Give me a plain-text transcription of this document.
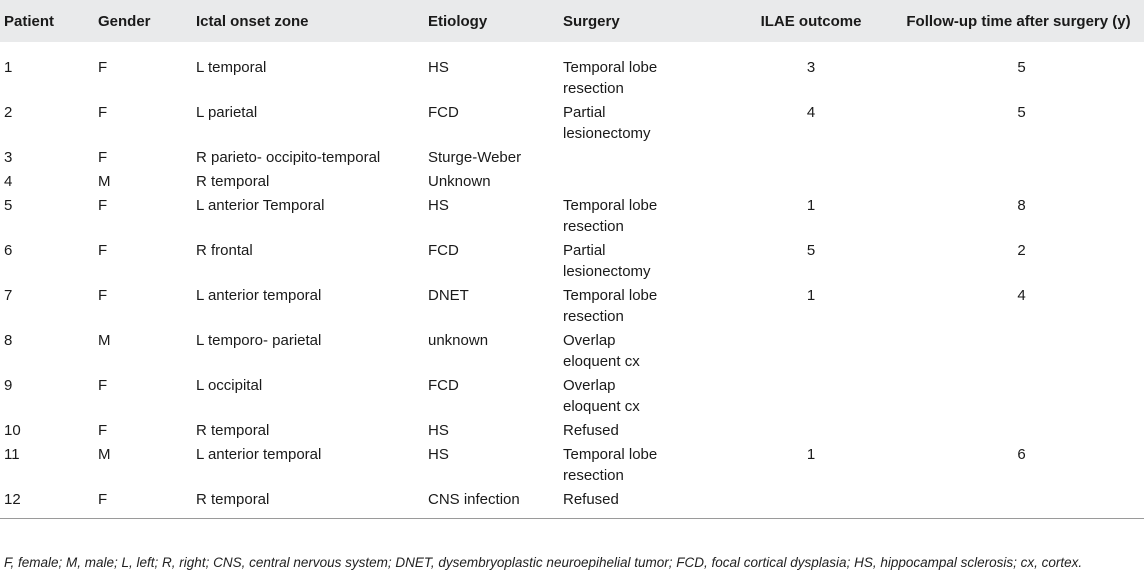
Patient	Gender	Ictal onset zone	Etiology	Surgery	ILAE outcome	Follow-up time after surgery (y)
1	F	L temporal	HS	Temporal lobe
resection	3	5
2	F	L parietal	FCD	Partial
lesionectomy	4	5
3	F	R parieto- occipito-temporal	Sturge-Weber			
4	M	R temporal	Unknown			
5	F	L anterior Temporal	HS	Temporal lobe
resection	1	8
6	F	R frontal	FCD	Partial
lesionectomy	5	2
7	F	L anterior temporal	DNET	Temporal lobe
resection	1	4
8	M	L temporo- parietal	unknown	Overlap
eloquent cx		
9	F	L occipital	FCD	Overlap
eloquent cx		
10	F	R temporal	HS	Refused		
11	M	L anterior temporal	HS	Temporal lobe
resection	1	6
12	F	R temporal	CNS infection	Refused		
F, female; M, male; L, left; R, right; CNS, central nervous system; DNET, dysembryoplastic neuroepihelial tumor; FCD, focal cortical dysplasia; HS, hippocampal sclerosis; cx, cortex.
